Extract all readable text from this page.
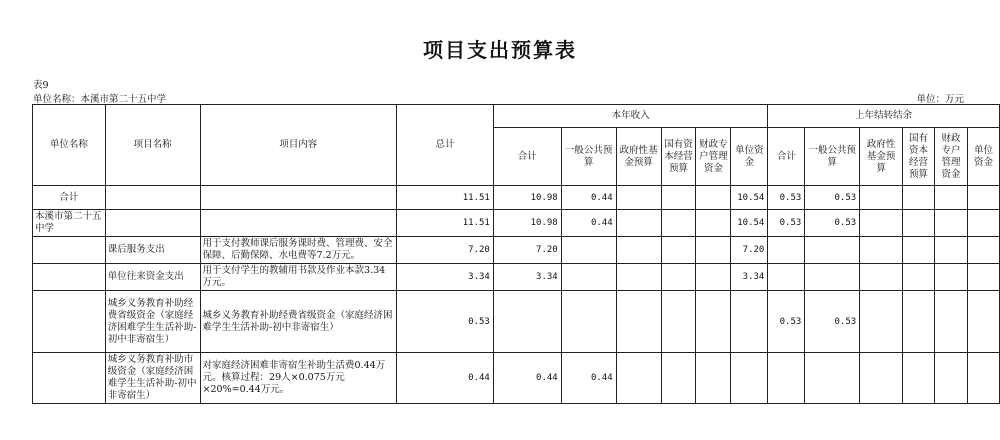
项目支出预算表
表9
单位名称：本溪市第二十五中学	单位：万元
单位名称	项目名称	项目内容	总计	本年收入						上年结转结余					
				合计	一般公共预算	政府性基金预算	国有资本经营预算	财政专户管理资金	单位资金	合计	一般公共预算	政府性基金预算	国有资本经营预算	财政专户管理资金	单位资金
合计			11.51	10.98	0.44				10.54	0.53	0.53				
本溪市第二十五中学			11.51	10.98	0.44				10.54	0.53	0.53				
	课后服务支出	用于支付教师课后服务课时费、管理费、安全保障、后勤保障、水电费等7.2万元。	7.20	7.20					7.20						
	单位往来资金支出	用于支付学生的教辅用书款及作业本款3.34万元。	3.34	3.34					3.34						
	城乡义务教育补助经费省级资金（家庭经济困难学生生活补助-初中非寄宿生）	城乡义务教育补助经费省级资金（家庭经济困难学生生活补助-初中非寄宿生）	0.53							0.53	0.53				
	城乡义务教育补助市级资金（家庭经济困难学生生活补助-初中非寄宿生）	对家庭经济困难非寄宿生补助生活费0.44万元。核算过程：29人×0.075万元×20%=0.44万元。	0.44	0.44	0.44										
